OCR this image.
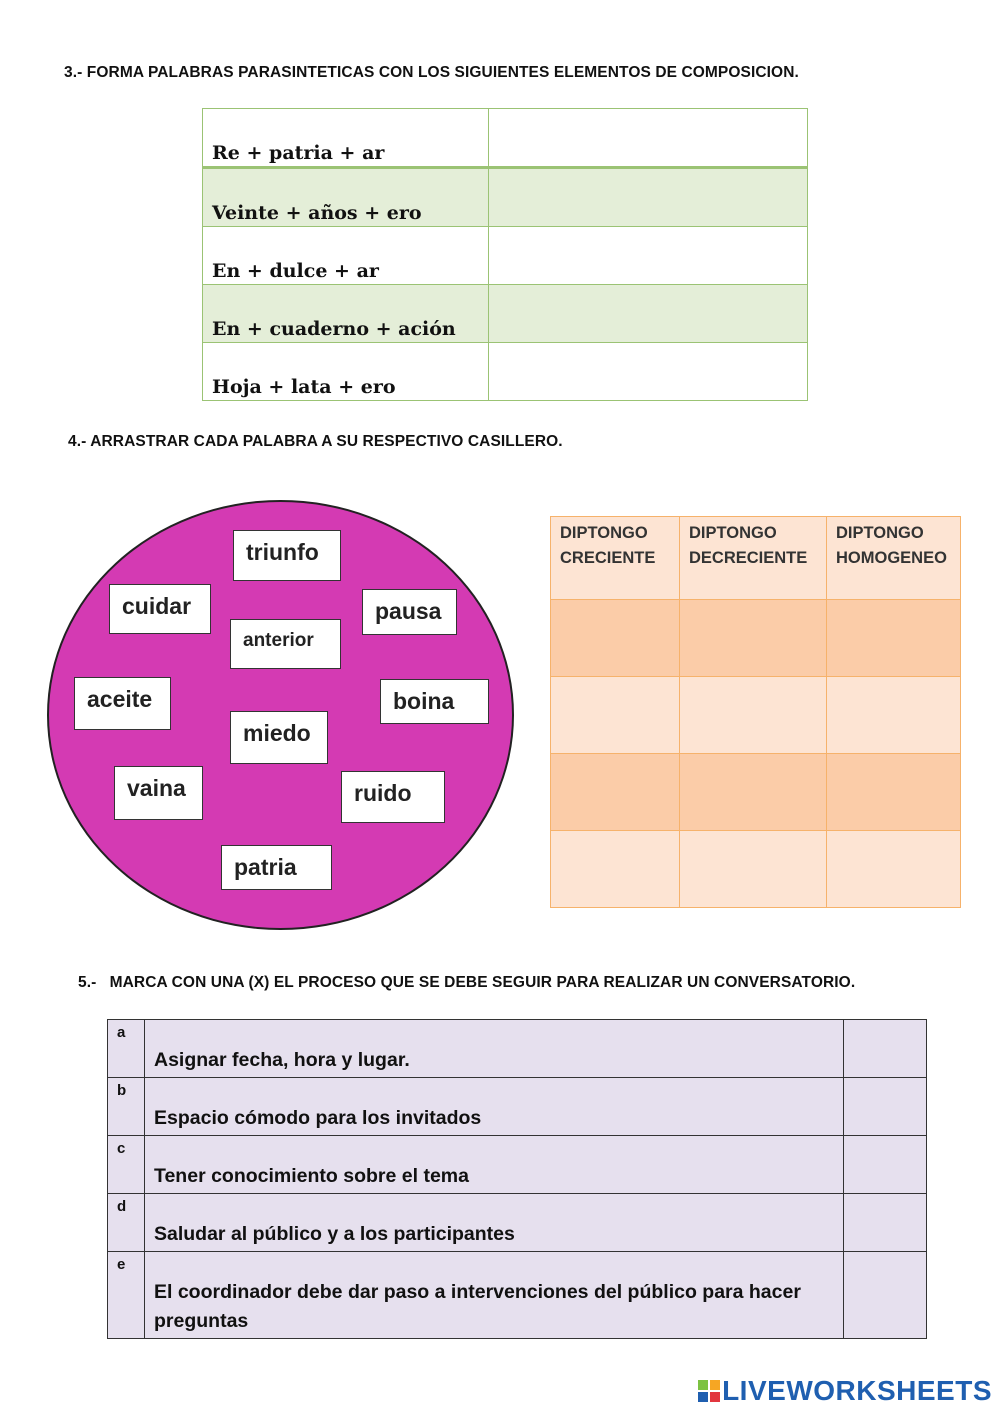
3.- FORMA PALABRAS PARASINTETICAS CON LOS SIGUIENTES ELEMENTOS DE COMPOSICION.
Re + patria + ar	
Veinte + años + ero	
En + dulce + ar	
En + cuaderno + ación	
Hoja + lata + ero	
4.- ARRASTRAR CADA PALABRA A SU RESPECTIVO CASILLERO.
triunfo
cuidar	pausa
anterior
aceite	boina
miedo
vaina	ruido
patria
DIPTONGO CRECIENTE	DIPTONGO DECRECIENTE	DIPTONGO HOMOGENEO

5.-   MARCA CON UNA (X) EL PROCESO QUE SE DEBE SEGUIR PARA REALIZAR UN CONVERSATORIO.
a	Asignar fecha, hora y lugar.	
b	Espacio cómodo para los invitados	
c	Tener conocimiento sobre el tema	
d	Saludar al público y a los participantes	
e	El coordinador debe dar paso a intervenciones del público para hacer preguntas	
LIVEWORKSHEETS
